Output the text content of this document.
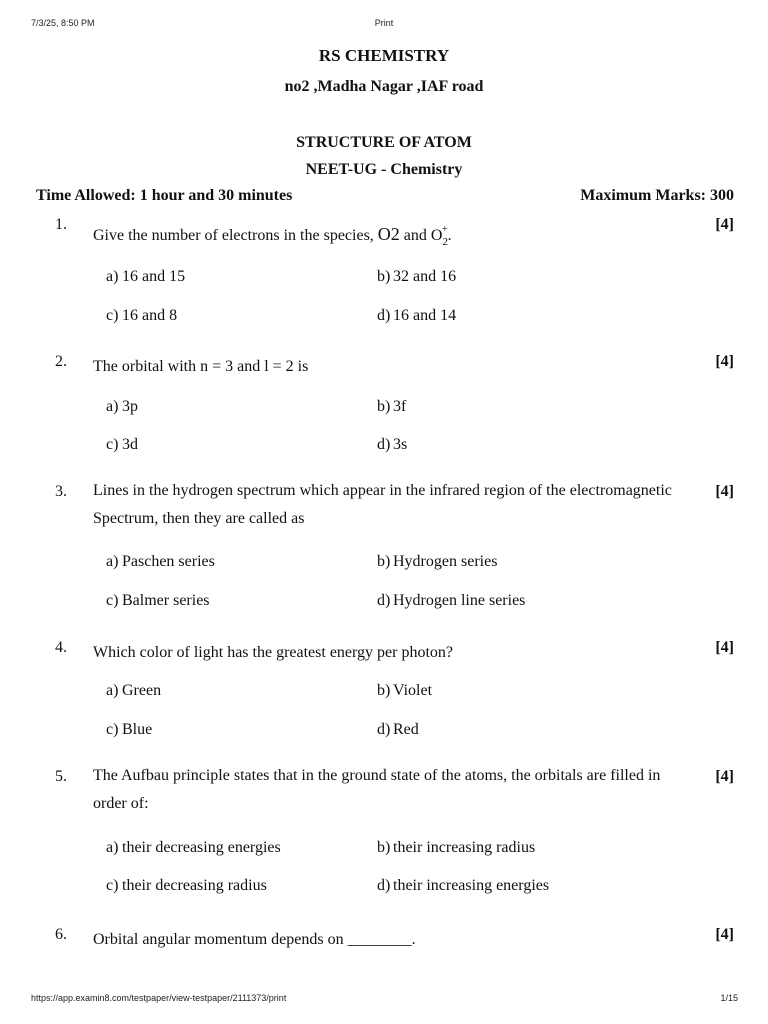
7/3/25, 8:50 PM	Print
RS CHEMISTRY
no2 ,Madha Nagar ,IAF road
STRUCTURE OF ATOM
NEET-UG - Chemistry
Time Allowed: 1 hour and 30 minutes	Maximum Marks: 300
1.
Give the number of electrons in the species, O2 and $O_2^+$.
[4]
a) 16 and 15	b) 32 and 16
c) 16 and 8	d) 16 and 14
2. The orbital with n = 3 and l = 2 is	[4]
a) 3p	b) 3f
c) 3d	d) 3s
3. Lines in the hydrogen spectrum which appear in the infrared region of the electromagnetic Spectrum, then they are called as
[4]
a) Paschen series	b) Hydrogen series
c) Balmer series	d) Hydrogen line series
4. Which color of light has the greatest energy per photon?	[4]
a) Green	b) Violet
c) Blue	d) Red
5. The Aufbau principle states that in the ground state of the atoms, the orbitals are filled in order of:
[4]
a) their decreasing energies	b) their increasing radius
c) their decreasing radius	d) their increasing energies
6. Orbital angular momentum depends on ________.	[4]
https://app.examin8.com/testpaper/view-testpaper/2111373/print	1/15
